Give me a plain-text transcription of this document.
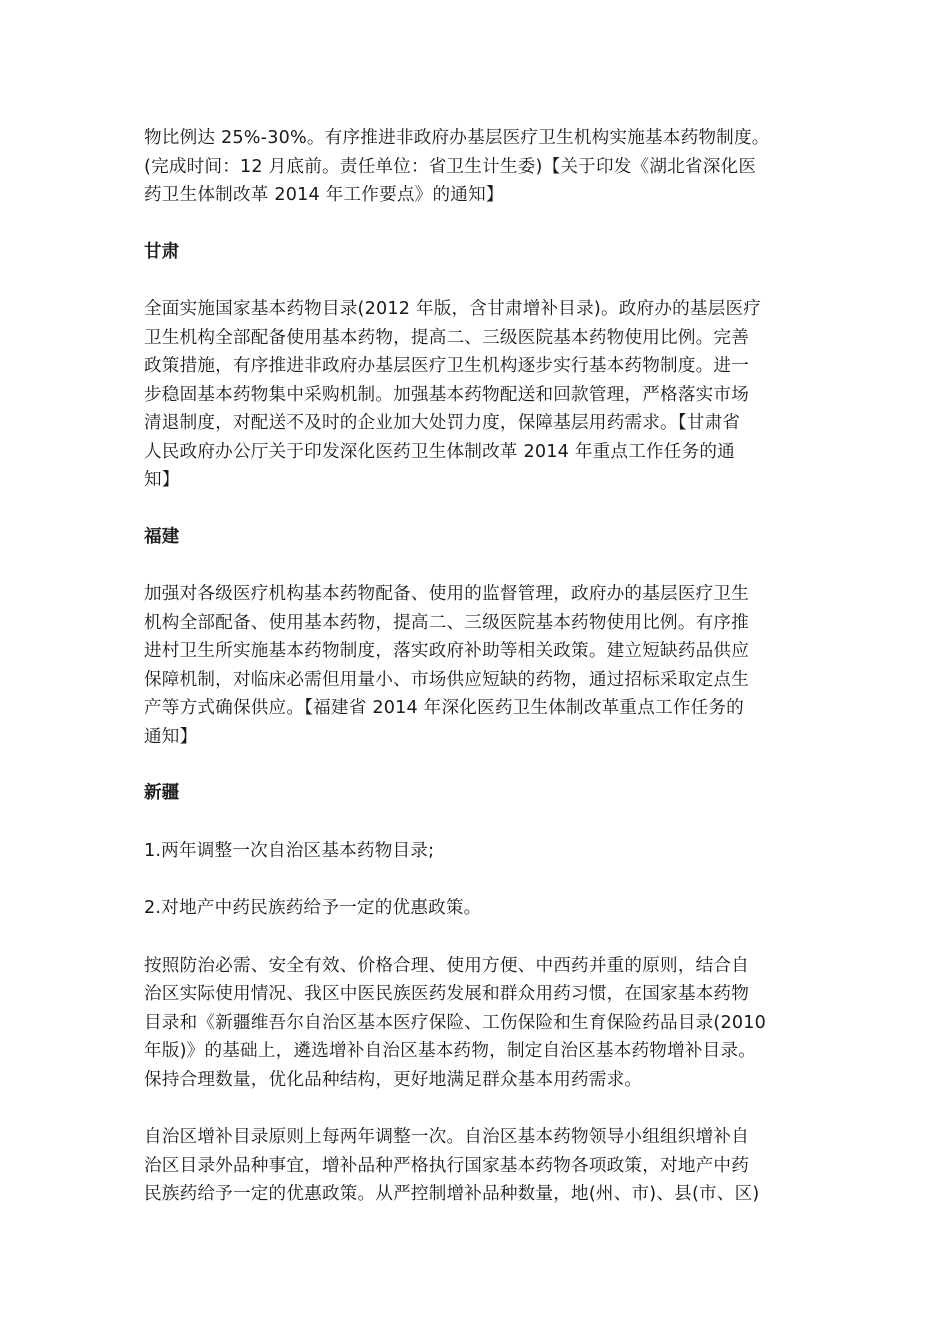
物比例达 25%-30%。有序推进非政府办基层医疗卫生机构实施基本药物制度。
(完成时间：12 月底前。责任单位：省卫生计生委)【关于印发《湖北省深化医
药卫生体制改革 2014 年工作要点》的通知】

甘肃

全面实施国家基本药物目录(2012 年版，含甘肃增补目录)。政府办的基层医疗
卫生机构全部配备使用基本药物，提高二、三级医院基本药物使用比例。完善
政策措施，有序推进非政府办基层医疗卫生机构逐步实行基本药物制度。进一
步稳固基本药物集中采购机制。加强基本药物配送和回款管理，严格落实市场
清退制度，对配送不及时的企业加大处罚力度，保障基层用药需求。【甘肃省
人民政府办公厅关于印发深化医药卫生体制改革 2014 年重点工作任务的通
知】

福建

加强对各级医疗机构基本药物配备、使用的监督管理，政府办的基层医疗卫生
机构全部配备、使用基本药物，提高二、三级医院基本药物使用比例。有序推
进村卫生所实施基本药物制度，落实政府补助等相关政策。建立短缺药品供应
保障机制，对临床必需但用量小、市场供应短缺的药物，通过招标采取定点生
产等方式确保供应。【福建省 2014 年深化医药卫生体制改革重点工作任务的
通知】

新疆

1.两年调整一次自治区基本药物目录;

2.对地产中药民族药给予一定的优惠政策。

按照防治必需、安全有效、价格合理、使用方便、中西药并重的原则，结合自
治区实际使用情况、我区中医民族医药发展和群众用药习惯，在国家基本药物
目录和《新疆维吾尔自治区基本医疗保险、工伤保险和生育保险药品目录(2010
年版)》的基础上，遴选增补自治区基本药物，制定自治区基本药物增补目录。
保持合理数量，优化品种结构，更好地满足群众基本用药需求。

自治区增补目录原则上每两年调整一次。自治区基本药物领导小组组织增补自
治区目录外品种事宜，增补品种严格执行国家基本药物各项政策，对地产中药
民族药给予一定的优惠政策。从严控制增补品种数量，地(州、市)、县(市、区)
